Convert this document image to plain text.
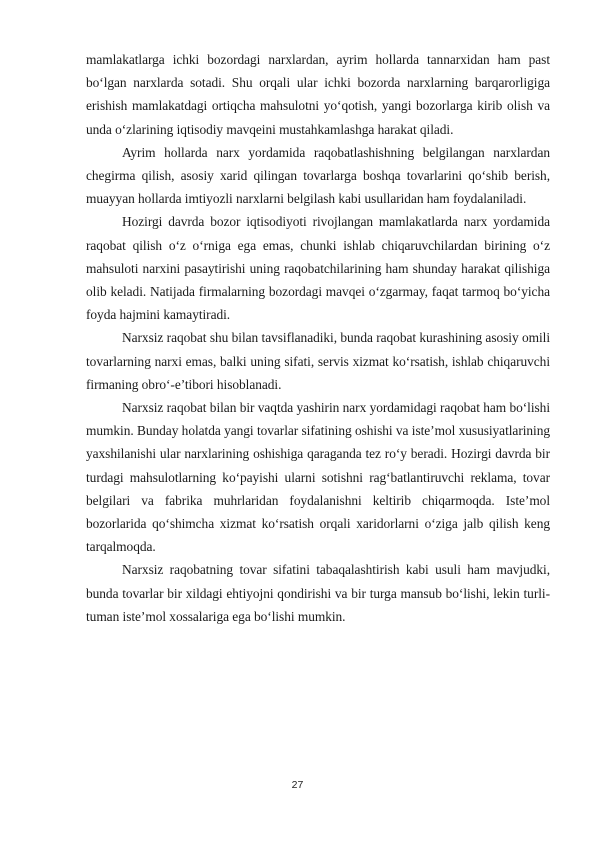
mamlakatlarga ichki bozordagi narxlardan, ayrim hollarda tannarxidan ham past bo‘lgan narxlarda sotadi. Shu orqali ular ichki bozorda narxlarning barqarorligiga erishish mamlakatdagi ortiqcha mahsulotni yo‘qotish, yangi bozorlarga kirib olish va unda o‘zlarining iqtisodiy mavqeini mustahkamlashga harakat qiladi.

Ayrim hollarda narx yordamida raqobatlashishning belgilangan narxlardan chegirma qilish, asosiy xarid qilingan tovarlarga boshqa tovarlarini qo‘shib berish, muayyan hollarda imtiyozli narxlarni belgilash kabi usullaridan ham foydalaniladi.

Hozirgi davrda bozor iqtisodiyoti rivojlangan mamlakatlarda narx yordamida raqobat qilish o‘z o‘rniga ega emas, chunki ishlab chiqaruvchilardan birining o‘z mahsuloti narxini pasaytirishi uning raqobatchilarining ham shunday harakat qilishiga olib keladi. Natijada firmalarning bozordagi mavqei o‘zgarmay, faqat tarmoq bo‘yicha foyda hajmini kamaytiradi.

Narxsiz raqobat shu bilan tavsiflanadiki, bunda raqobat kurashining asosiy omili tovarlarning narxi emas, balki uning sifati, servis xizmat ko‘rsatish, ishlab chiqaruvchi firmaning obro‘-e’tibori hisoblanadi.

Narxsiz raqobat bilan bir vaqtda yashirin narx yordamidagi raqobat ham bo‘lishi mumkin. Bunday holatda yangi tovarlar sifatining oshishi va iste’mol xususiyatlarining yaxshilanishi ular narxlarining oshishiga qaraganda tez ro‘y beradi. Hozirgi davrda bir turdagi mahsulotlarning ko‘payishi ularni sotishni rag‘batlantiruvchi reklama, tovar belgilari va fabrika muhrlaridan foydalanishni keltirib chiqarmoqda. Iste’mol bozorlarida qo‘shimcha xizmat ko‘rsatish orqali xaridorlarni o‘ziga jalb qilish keng tarqalmoqda.

Narxsiz raqobatning tovar sifatini tabaqalashtirish kabi usuli ham mavjudki, bunda tovarlar bir xildagi ehtiyojni qondirishi va bir turga mansub bo‘lishi, lekin turli-tuman iste’mol xossalariga ega bo‘lishi mumkin.

27
